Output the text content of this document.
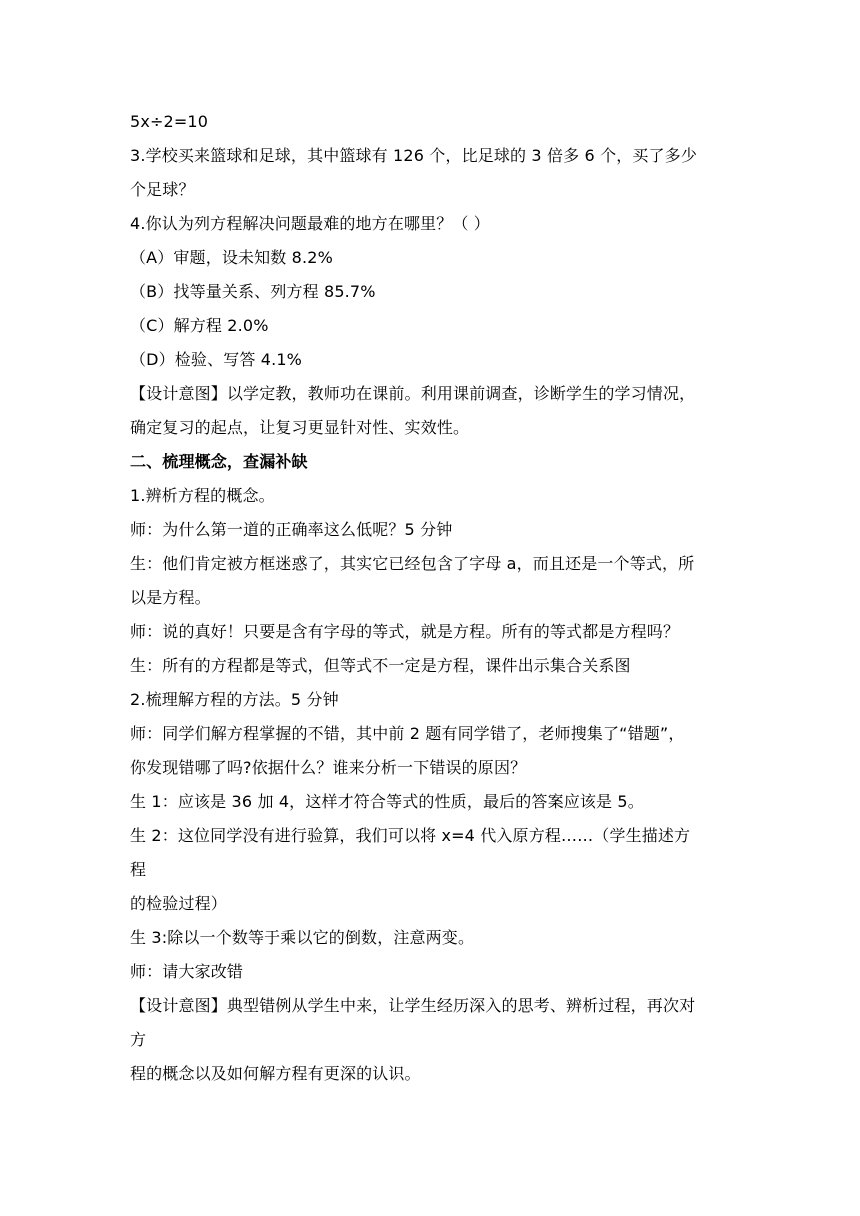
5x÷2=10
3.学校买来篮球和足球，其中篮球有 126 个，比足球的 3 倍多 6 个，买了多少
个足球？
4.你认为列方程解决问题最难的地方在哪里？（ ）
（A）审题，设未知数 8.2%
（B）找等量关系、列方程 85.7%
（C）解方程 2.0%
（D）检验、写答 4.1%
【设计意图】以学定教，教师功在课前。利用课前调查，诊断学生的学习情况，
确定复习的起点，让复习更显针对性、实效性。
二、梳理概念，查漏补缺
1.辨析方程的概念。
师：为什么第一道的正确率这么低呢？5 分钟
生：他们肯定被方框迷惑了，其实它已经包含了字母 a，而且还是一个等式，所
以是方程。
师：说的真好！只要是含有字母的等式，就是方程。所有的等式都是方程吗？
生：所有的方程都是等式，但等式不一定是方程，课件出示集合关系图
2.梳理解方程的方法。5 分钟
师：同学们解方程掌握的不错，其中前 2 题有同学错了，老师搜集了“错题”，
你发现错哪了吗?依据什么？谁来分析一下错误的原因？
生 1：应该是 36 加 4，这样才符合等式的性质，最后的答案应该是 5。
生 2：这位同学没有进行验算，我们可以将 x=4 代入原方程……（学生描述方
程
的检验过程）
生 3:除以一个数等于乘以它的倒数，注意两变。
师：请大家改错
【设计意图】典型错例从学生中来，让学生经历深入的思考、辨析过程，再次对
方
程的概念以及如何解方程有更深的认识。
